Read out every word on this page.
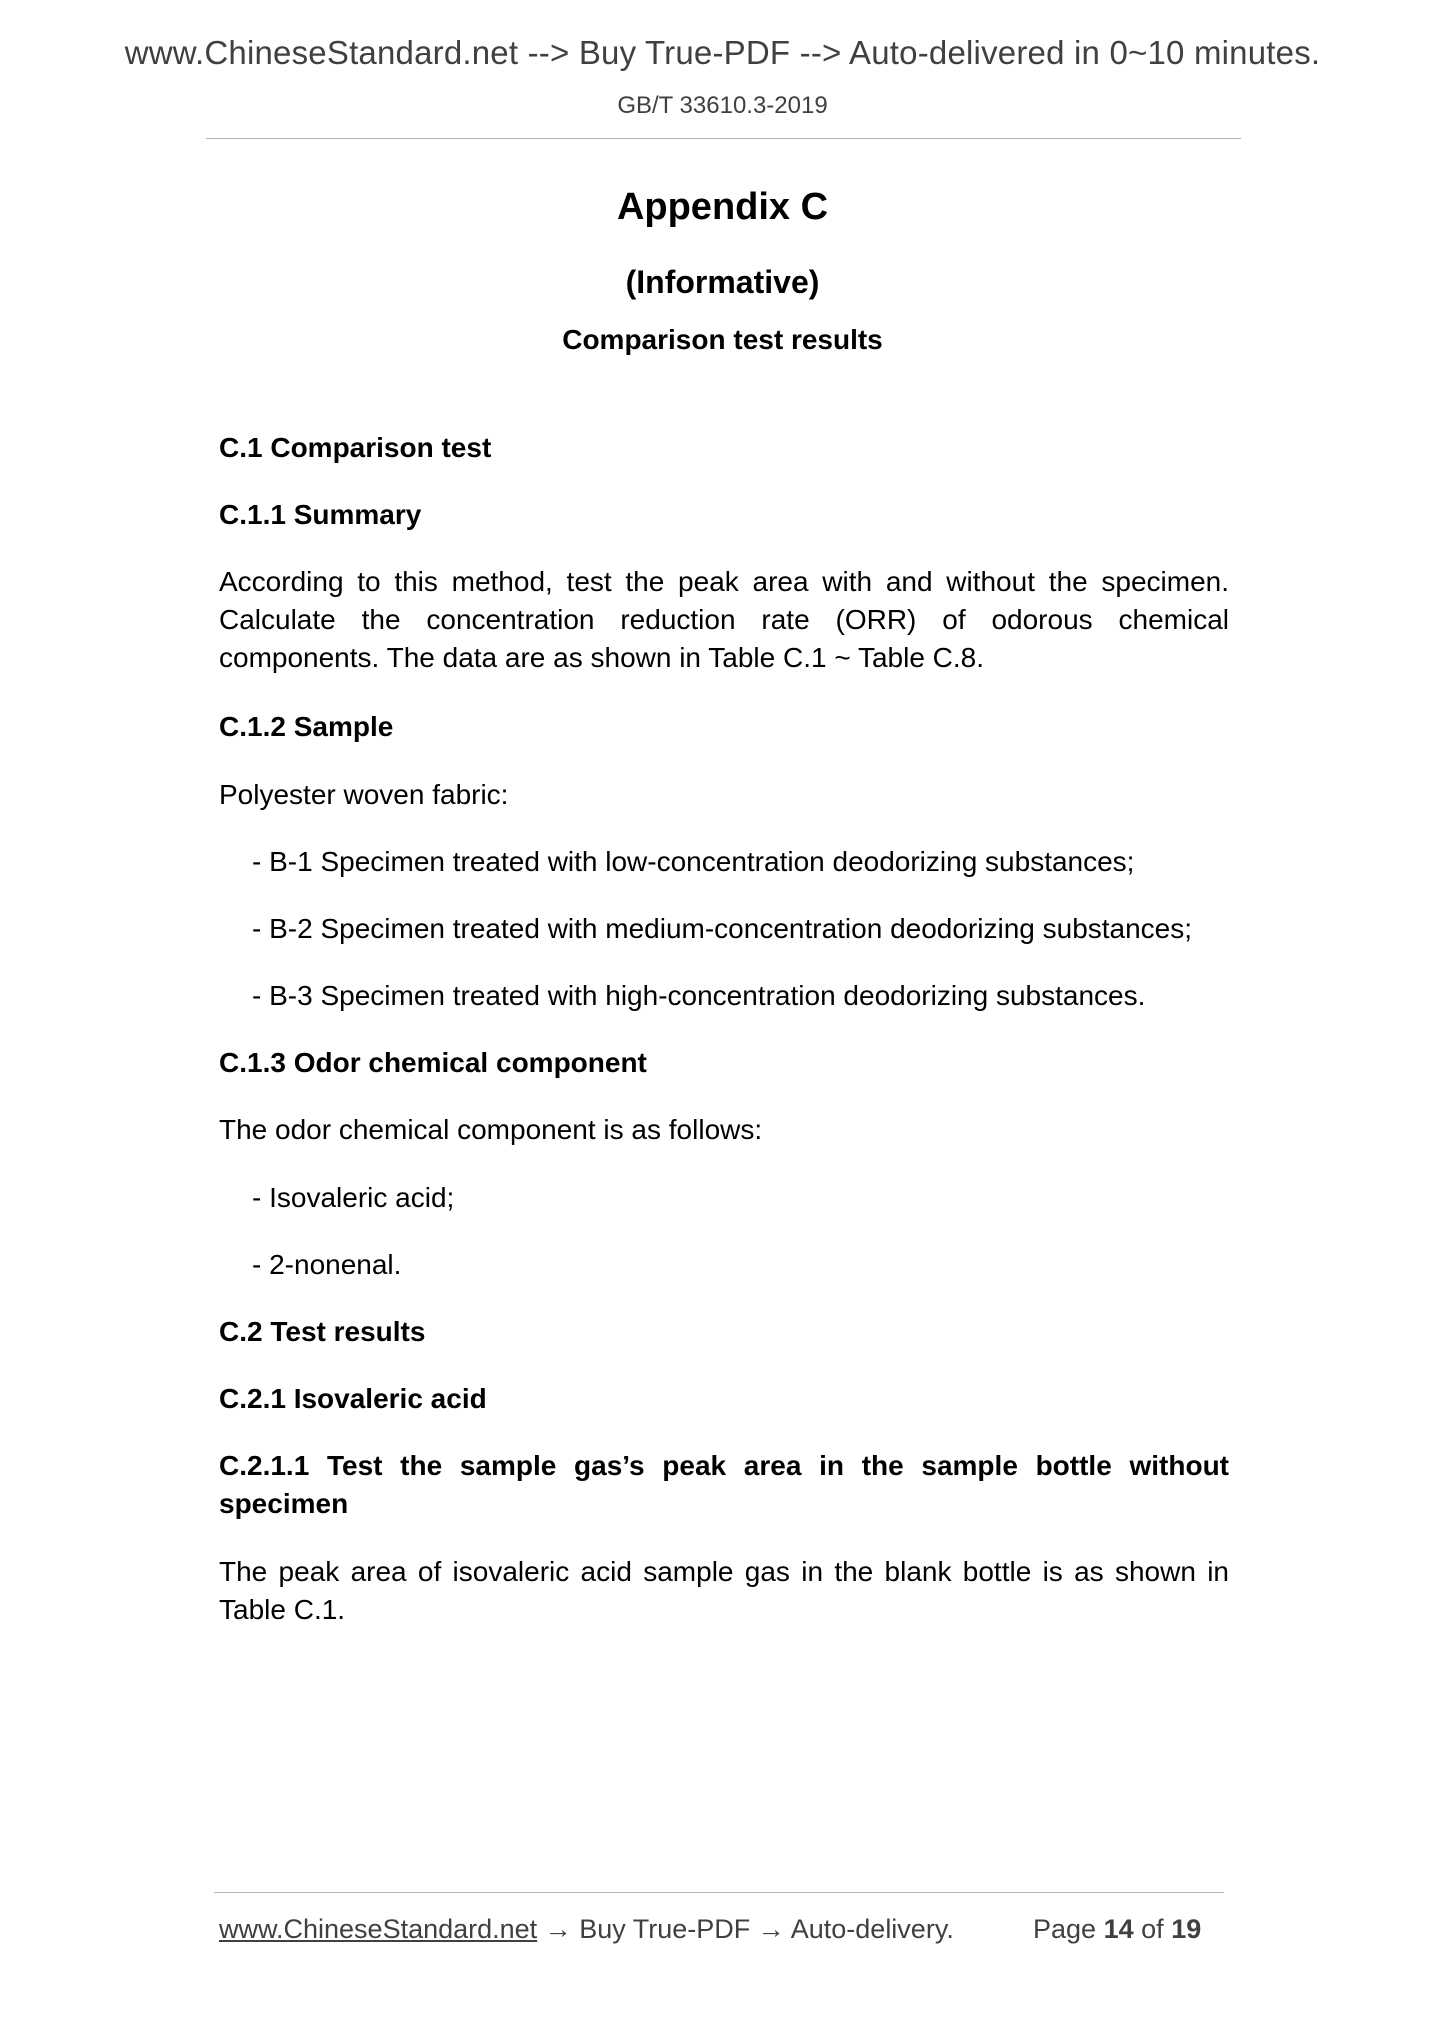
www.ChineseStandard.net --> Buy True-PDF --> Auto-delivered in 0~10 minutes.
GB/T 33610.3-2019
Appendix C
(Informative)
Comparison test results
C.1 Comparison test
C.1.1 Summary
According to this method, test the peak area with and without the specimen. Calculate the concentration reduction rate (ORR) of odorous chemical components. The data are as shown in Table C.1 ~ Table C.8.
C.1.2 Sample
Polyester woven fabric:
- B-1 Specimen treated with low-concentration deodorizing substances;
- B-2 Specimen treated with medium-concentration deodorizing substances;
- B-3 Specimen treated with high-concentration deodorizing substances.
C.1.3 Odor chemical component
The odor chemical component is as follows:
- Isovaleric acid;
- 2-nonenal.
C.2 Test results
C.2.1 Isovaleric acid
C.2.1.1 Test the sample gas’s peak area in the sample bottle without specimen
The peak area of isovaleric acid sample gas in the blank bottle is as shown in Table C.1.
www.ChineseStandard.net → Buy True-PDF → Auto-delivery.	Page 14 of 19
